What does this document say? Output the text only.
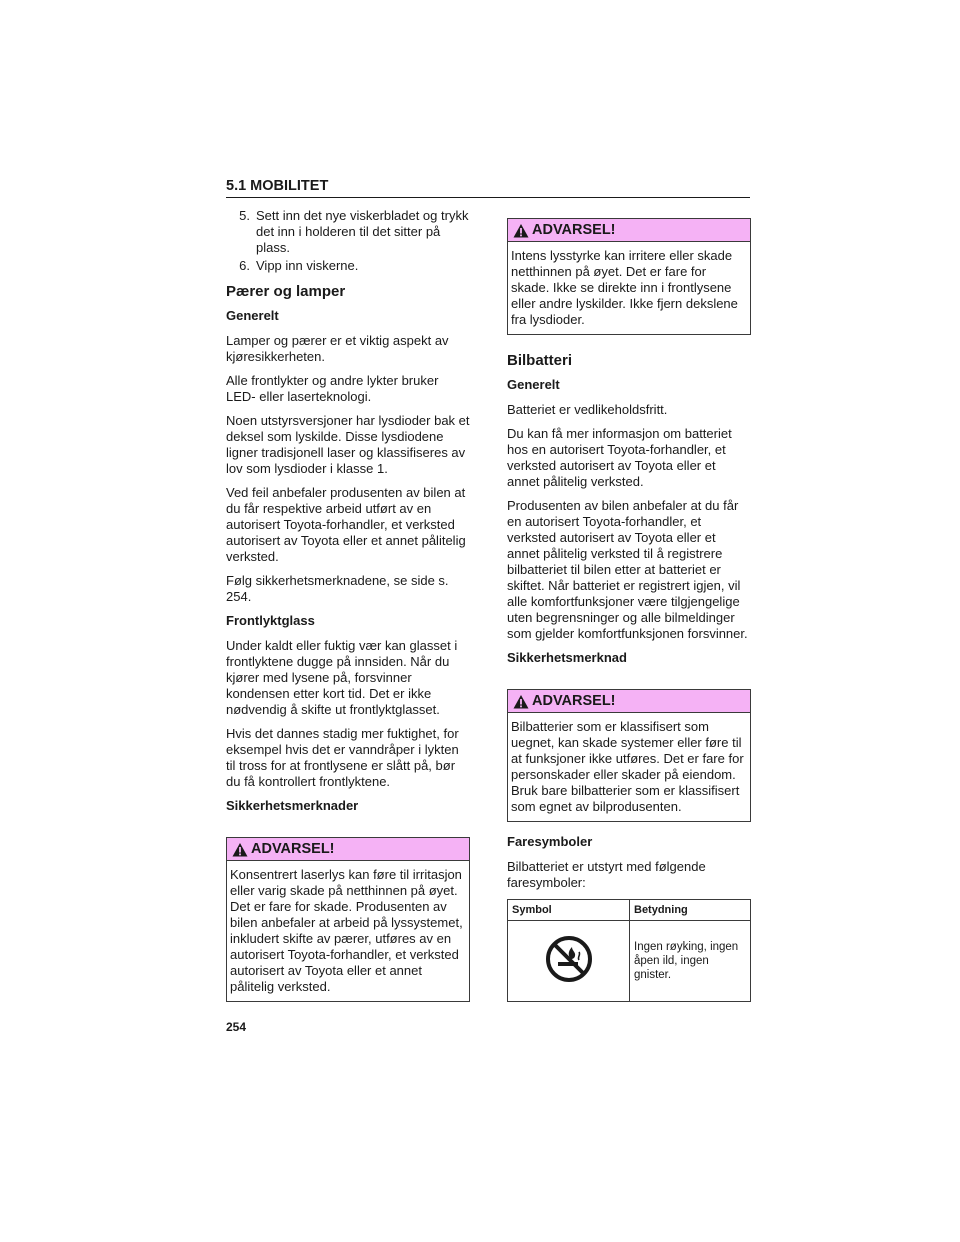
5.1 MOBILITET
5. Sett inn det nye viskerbladet og trykk det inn i holderen til det sitter på plass.
6. Vipp inn viskerne.
Pærer og lamper
Generelt

Lamper og pærer er et viktig aspekt av kjøresikkerheten.

Alle frontlykter og andre lykter bruker LED- eller laserteknologi.

Noen utstyrsversjoner har lysdioder bak et deksel som lyskilde. Disse lysdiodene ligner tradisjonell laser og klassifiseres av lov som lysdioder i klasse 1.

Ved feil anbefaler produsenten av bilen at du får respektive arbeid utført av en autorisert Toyota-forhandler, et verksted autorisert av Toyota eller et annet pålitelig verksted.

Følg sikkerhetsmerknadene, se side s. 254.

Frontlyktglass

Under kaldt eller fuktig vær kan glasset i frontlyktene dugge på innsiden. Når du kjører med lysene på, forsvinner kondensen etter kort tid. Det er ikke nødvendig å skifte ut frontlyktglasset.

Hvis det dannes stadig mer fuktighet, for eksempel hvis det er vanndråper i lykten til tross for at frontlysene er slått på, bør du få kontrollert frontlyktene.

Sikkerhetsmerknader
ADVARSEL!
Konsentrert laserlys kan føre til irritasjon eller varig skade på netthinnen på øyet. Det er fare for skade. Produsenten av bilen anbefaler at arbeid på lyssystemet, inkludert skifte av pærer, utføres av en autorisert Toyota-forhandler, et verksted autorisert av Toyota eller et annet pålitelig verksted.
ADVARSEL!
Intens lysstyrke kan irritere eller skade netthinnen på øyet. Det er fare for skade. Ikke se direkte inn i frontlysene eller andre lyskilder. Ikke fjern dekslene fra lysdioder.
Bilbatteri
Generelt

Batteriet er vedlikeholdsfritt.

Du kan få mer informasjon om batteriet hos en autorisert Toyota-forhandler, et verksted autorisert av Toyota eller et annet pålitelig verksted.

Produsenten av bilen anbefaler at du får en autorisert Toyota-forhandler, et verksted autorisert av Toyota eller et annet pålitelig verksted til å registrere bilbatteriet til bilen etter at batteriet er skiftet. Når batteriet er registrert igjen, vil alle komfortfunksjoner være tilgjengelige uten begrensninger og alle bilmeldinger som gjelder komfortfunksjonen forsvinner.

Sikkerhetsmerknad
ADVARSEL!
Bilbatterier som er klassifisert som uegnet, kan skade systemer eller føre til at funksjoner ikke utføres. Det er fare for personskader eller skader på eiendom. Bruk bare bilbatterier som er klassifisert som egnet av bilprodusenten.
Faresymboler

Bilbatteriet er utstyrt med følgende faresymboler:

Symbol	Betydning
	Ingen røyking, ingen åpen ild, ingen gnister.
254
